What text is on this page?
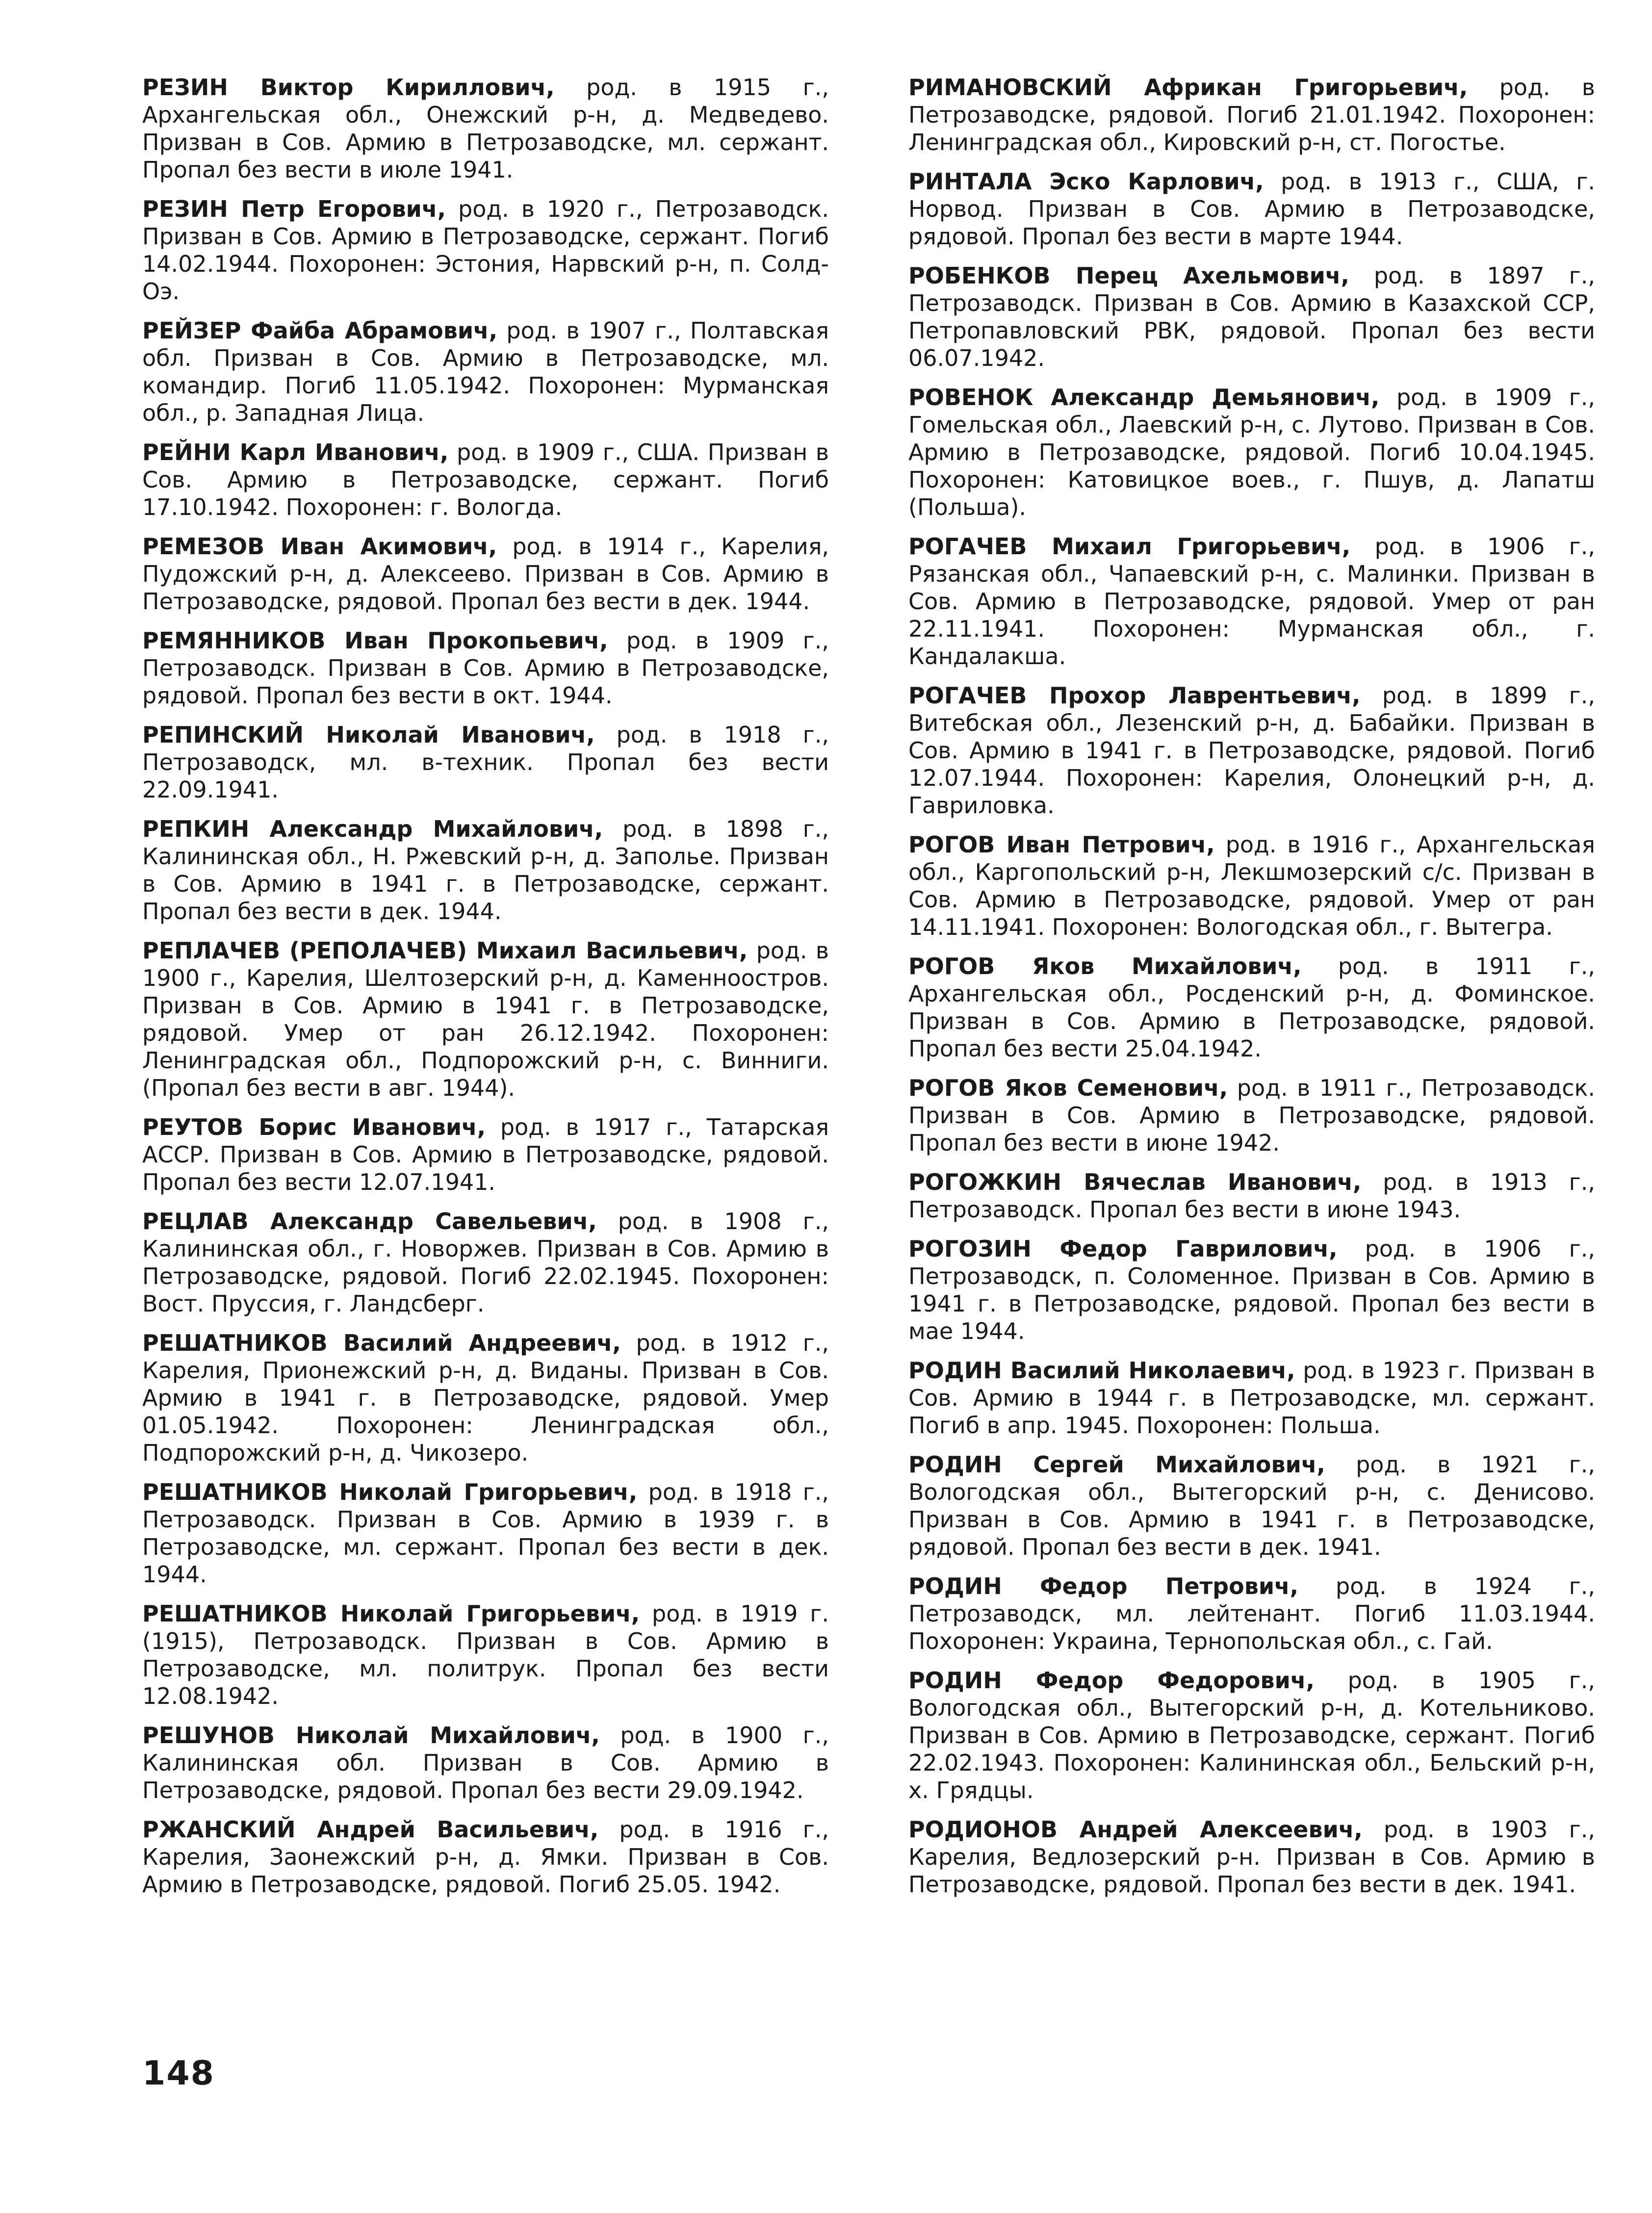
РЕЗИН Виктор Кириллович, род. в 1915 г., Архангельская обл., Онежский р-н, д. Медведево. Призван в Сов. Армию в Петрозаводске, мл. сержант. Пропал без вести в июле 1941.

РЕЗИН Петр Егорович, род. в 1920 г., Петрозаводск. Призван в Сов. Армию в Петрозаводске, сержант. Погиб 14.02.1944. Похоронен: Эстония, Нарвский р-н, п. Солд-Оэ.

РЕЙЗЕР Файба Абрамович, род. в 1907 г., Полтавская обл. Призван в Сов. Армию в Петрозаводске, мл. командир. Погиб 11.05.1942. Похоронен: Мурманская обл., р. Западная Лица.

РЕЙНИ Карл Иванович, род. в 1909 г., США. Призван в Сов. Армию в Петрозаводске, сержант. Погиб 17.10.1942. Похоронен: г. Вологда.

РЕМЕЗОВ Иван Акимович, род. в 1914 г., Карелия, Пудожский р-н, д. Алексеево. Призван в Сов. Армию в Петрозаводске, рядовой. Пропал без вести в дек. 1944.

РЕМЯННИКОВ Иван Прокопьевич, род. в 1909 г., Петрозаводск. Призван в Сов. Армию в Петрозаводске, рядовой. Пропал без вести в окт. 1944.

РЕПИНСКИЙ Николай Иванович, род. в 1918 г., Петрозаводск, мл. в-техник. Пропал без вести 22.09.1941.

РЕПКИН Александр Михайлович, род. в 1898 г., Калининская обл., Н. Ржевский р-н, д. Заполье. Призван в Сов. Армию в 1941 г. в Петрозаводске, сержант. Пропал без вести в дек. 1944.

РЕПЛАЧЕВ (РЕПОЛАЧЕВ) Михаил Васильевич, род. в 1900 г., Карелия, Шелтозерский р-н, д. Каменноостров. Призван в Сов. Армию в 1941 г. в Петрозаводске, рядовой. Умер от ран 26.12.1942. Похоронен: Ленинградская обл., Подпорожский р-н, с. Винниги. (Пропал без вести в авг. 1944).

РЕУТОВ Борис Иванович, род. в 1917 г., Татарская АССР. Призван в Сов. Армию в Петрозаводске, рядовой. Пропал без вести 12.07.1941.

РЕЦЛАВ Александр Савельевич, род. в 1908 г., Калининская обл., г. Новоржев. Призван в Сов. Армию в Петрозаводске, рядовой. Погиб 22.02.1945. Похоронен: Вост. Пруссия, г. Ландсберг.

РЕШАТНИКОВ Василий Андреевич, род. в 1912 г., Карелия, Прионежский р-н, д. Виданы. Призван в Сов. Армию в 1941 г. в Петрозаводске, рядовой. Умер 01.05.1942. Похоронен: Ленинградская обл., Подпорожский р-н, д. Чикозеро.

РЕШАТНИКОВ Николай Григорьевич, род. в 1918 г., Петрозаводск. Призван в Сов. Армию в 1939 г. в Петрозаводске, мл. сержант. Пропал без вести в дек. 1944.

РЕШАТНИКОВ Николай Григорьевич, род. в 1919 г. (1915), Петрозаводск. Призван в Сов. Армию в Петрозаводске, мл. политрук. Пропал без вести 12.08.1942.

РЕШУНОВ Николай Михайлович, род. в 1900 г., Калининская обл. Призван в Сов. Армию в Петрозаводске, рядовой. Пропал без вести 29.09.1942.

РЖАНСКИЙ Андрей Васильевич, род. в 1916 г., Карелия, Заонежский р-н, д. Ямки. Призван в Сов. Армию в Петрозаводске, рядовой. Погиб 25.05. 1942.

РИМАНОВСКИЙ Африкан Григорьевич, род. в Петрозаводске, рядовой. Погиб 21.01.1942. Похоронен: Ленинградская обл., Кировский р-н, ст. Погостье.

РИНТАЛА Эско Карлович, род. в 1913 г., США, г. Норвод. Призван в Сов. Армию в Петрозаводске, рядовой. Пропал без вести в марте 1944.

РОБЕНКОВ Перец Ахельмович, род. в 1897 г., Петрозаводск. Призван в Сов. Армию в Казахской ССР, Петропавловский РВК, рядовой. Пропал без вести 06.07.1942.

РОВЕНОК Александр Демьянович, род. в 1909 г., Гомельская обл., Лаевский р-н, с. Лутово. Призван в Сов. Армию в Петрозаводске, рядовой. Погиб 10.04.1945. Похоронен: Катовицкое воев., г. Пшув, д. Лапатш (Польша).

РОГАЧЕВ Михаил Григорьевич, род. в 1906 г., Рязанская обл., Чапаевский р-н, с. Малинки. Призван в Сов. Армию в Петрозаводске, рядовой. Умер от ран 22.11.1941. Похоронен: Мурманская обл., г. Кандалакша.

РОГАЧЕВ Прохор Лаврентьевич, род. в 1899 г., Витебская обл., Лезенский р-н, д. Бабайки. Призван в Сов. Армию в 1941 г. в Петрозаводске, рядовой. Погиб 12.07.1944. Похоронен: Карелия, Олонецкий р-н, д. Гавриловка.

РОГОВ Иван Петрович, род. в 1916 г., Архангельская обл., Каргопольский р-н, Лекшмозерский с/с. Призван в Сов. Армию в Петрозаводске, рядовой. Умер от ран 14.11.1941. Похоронен: Вологодская обл., г. Вытегра.

РОГОВ Яков Михайлович, род. в 1911 г., Архангельская обл., Росденский р-н, д. Фоминское. Призван в Сов. Армию в Петрозаводске, рядовой. Пропал без вести 25.04.1942.

РОГОВ Яков Семенович, род. в 1911 г., Петрозаводск. Призван в Сов. Армию в Петрозаводске, рядовой. Пропал без вести в июне 1942.

РОГОЖКИН Вячеслав Иванович, род. в 1913 г., Петрозаводск. Пропал без вести в июне 1943.

РОГОЗИН Федор Гаврилович, род. в 1906 г., Петрозаводск, п. Соломенное. Призван в Сов. Армию в 1941 г. в Петрозаводске, рядовой. Пропал без вести в мае 1944.

РОДИН Василий Николаевич, род. в 1923 г. Призван в Сов. Армию в 1944 г. в Петрозаводске, мл. сержант. Погиб в апр. 1945. Похоронен: Польша.

РОДИН Сергей Михайлович, род. в 1921 г., Вологодская обл., Вытегорский р-н, с. Денисово. Призван в Сов. Армию в 1941 г. в Петрозаводске, рядовой. Пропал без вести в дек. 1941.

РОДИН Федор Петрович, род. в 1924 г., Петрозаводск, мл. лейтенант. Погиб 11.03.1944. Похоронен: Украина, Тернопольская обл., с. Гай.

РОДИН Федор Федорович, род. в 1905 г., Вологодская обл., Вытегорский р-н, д. Котельниково. Призван в Сов. Армию в Петрозаводске, сержант. Погиб 22.02.1943. Похоронен: Калининская обл., Бельский р-н, х. Грядцы.

РОДИОНОВ Андрей Алексеевич, род. в 1903 г., Карелия, Ведлозерский р-н. Призван в Сов. Армию в Петрозаводске, рядовой. Пропал без вести в дек. 1941.

148
